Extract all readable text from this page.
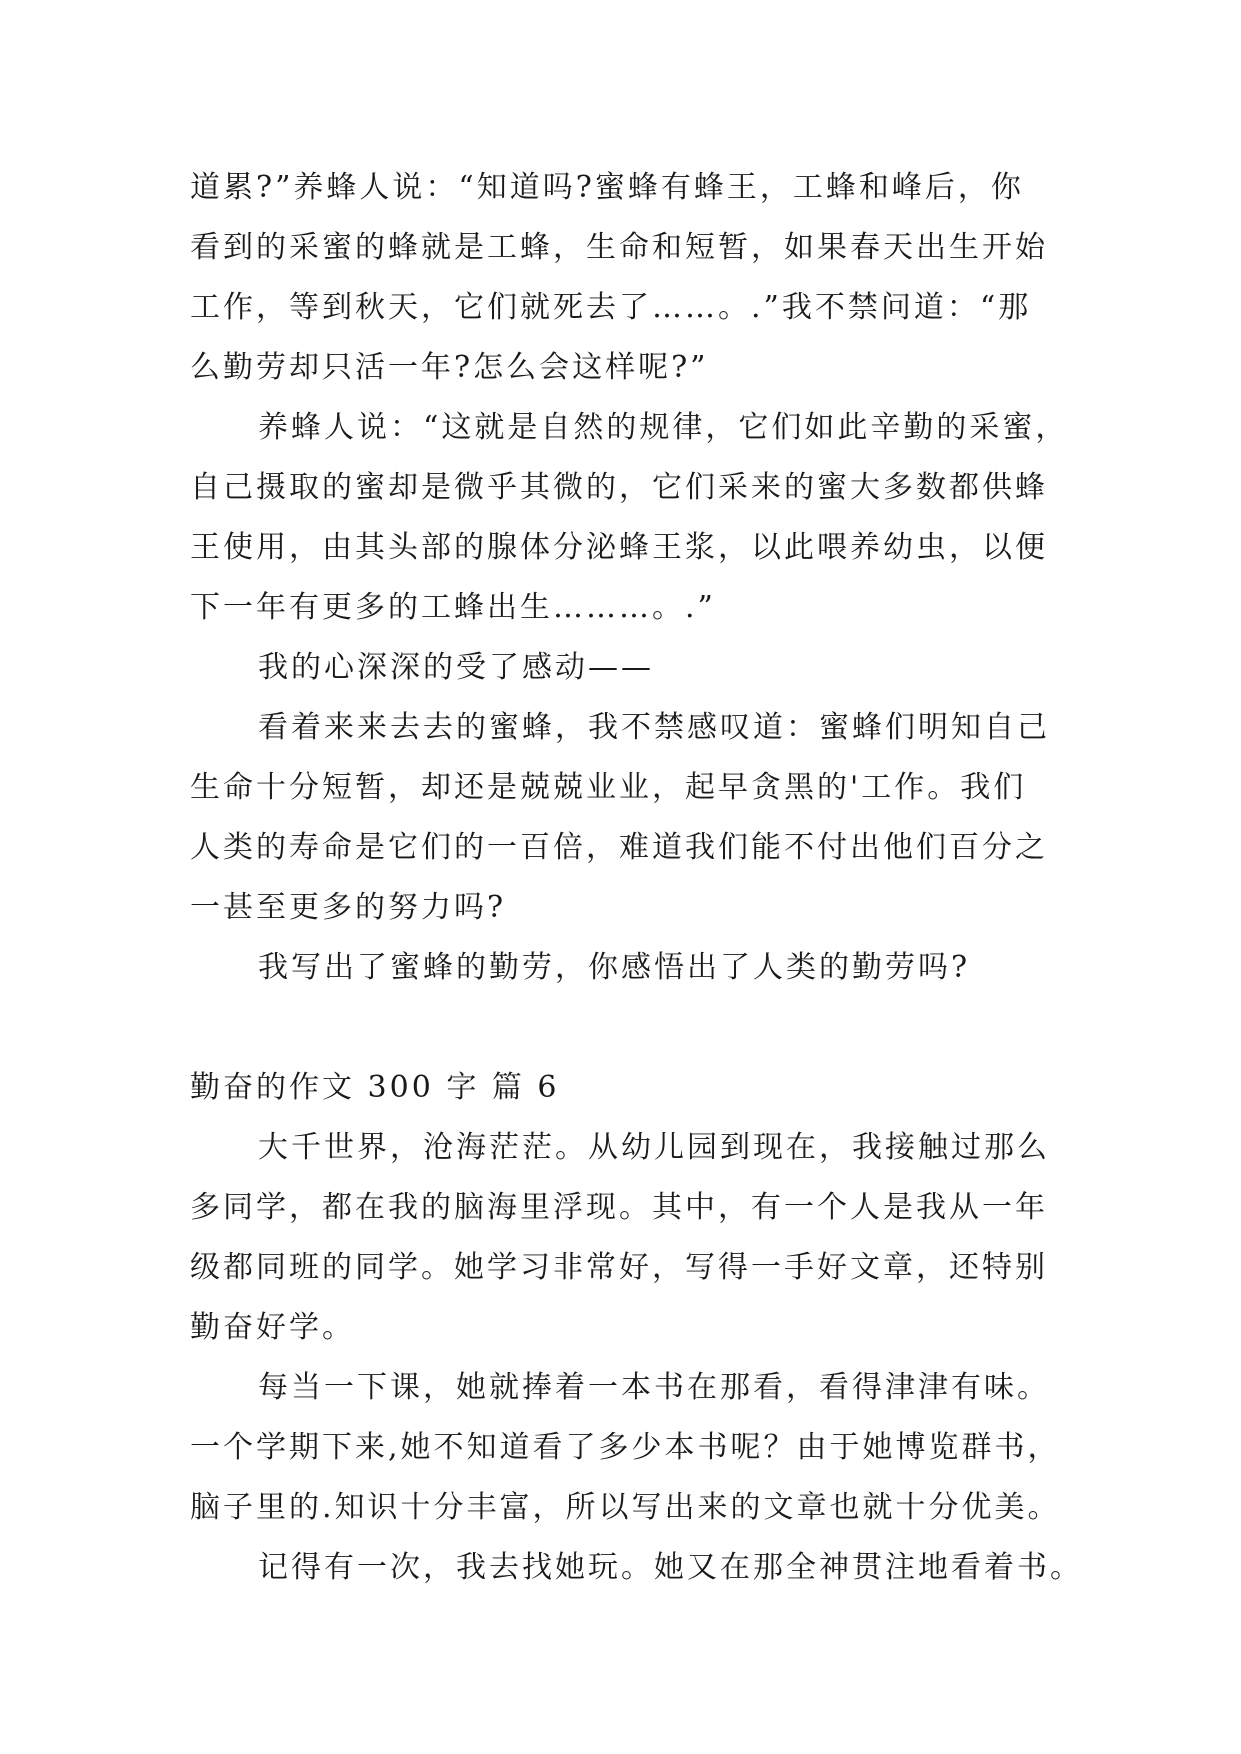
道累?”养蜂人说：“知道吗?蜜蜂有蜂王，工蜂和峰后，你
看到的采蜜的蜂就是工蜂，生命和短暂，如果春天出生开始
工作，等到秋天，它们就死去了……。.”我不禁问道：“那
么勤劳却只活一年?怎么会这样呢?”
养蜂人说：“这就是自然的规律，它们如此辛勤的采蜜，
自己摄取的蜜却是微乎其微的，它们采来的蜜大多数都供蜂
王使用，由其头部的腺体分泌蜂王浆，以此喂养幼虫，以便
下一年有更多的工蜂出生………。.”
我的心深深的受了感动——
看着来来去去的蜜蜂，我不禁感叹道：蜜蜂们明知自己
生命十分短暂，却还是兢兢业业，起早贪黑的'工作。我们
人类的寿命是它们的一百倍，难道我们能不付出他们百分之
一甚至更多的努力吗?
我写出了蜜蜂的勤劳，你感悟出了人类的勤劳吗?
勤奋的作文 300 字 篇 6
大千世界，沧海茫茫。从幼儿园到现在，我接触过那么
多同学，都在我的脑海里浮现。其中，有一个人是我从一年
级都同班的同学。她学习非常好，写得一手好文章，还特别
勤奋好学。
每当一下课，她就捧着一本书在那看，看得津津有味。
一个学期下来,她不知道看了多少本书呢？由于她博览群书，
脑子里的.知识十分丰富，所以写出来的文章也就十分优美。
记得有一次，我去找她玩。她又在那全神贯注地看着书。
